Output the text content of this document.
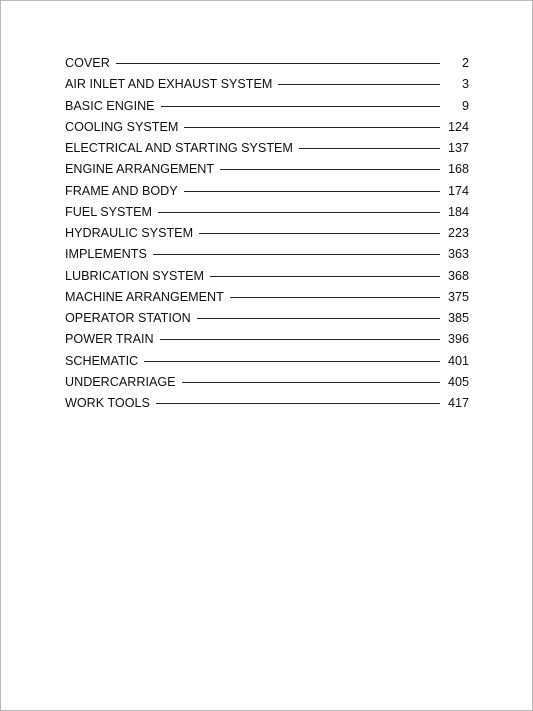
COVER	2
AIR INLET AND EXHAUST SYSTEM	3
BASIC ENGINE	9
COOLING SYSTEM	124
ELECTRICAL AND STARTING SYSTEM	137
ENGINE ARRANGEMENT	168
FRAME AND BODY	174
FUEL SYSTEM	184
HYDRAULIC SYSTEM	223
IMPLEMENTS	363
LUBRICATION SYSTEM	368
MACHINE ARRANGEMENT	375
OPERATOR STATION	385
POWER TRAIN	396
SCHEMATIC	401
UNDERCARRIAGE	405
WORK TOOLS	417
